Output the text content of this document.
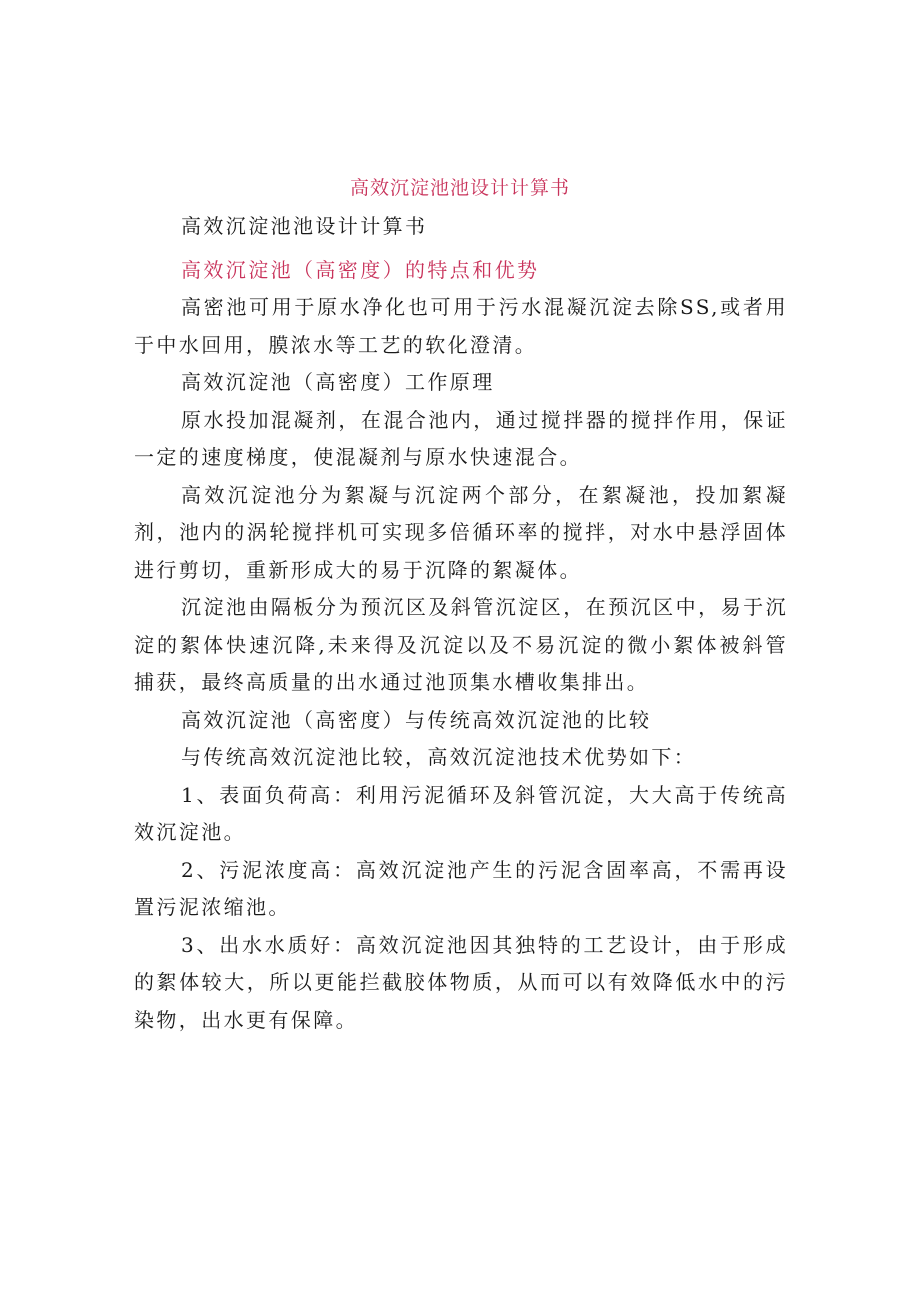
高效沉淀池池设计计算书

高效沉淀池池设计计算书

高效沉淀池（高密度）的特点和优势

高密池可用于原水净化也可用于污水混凝沉淀去除SS,或者用于中水回用，膜浓水等工艺的软化澄清。

高效沉淀池（高密度）工作原理

原水投加混凝剂，在混合池内，通过搅拌器的搅拌作用，保证一定的速度梯度，使混凝剂与原水快速混合。

高效沉淀池分为絮凝与沉淀两个部分，在絮凝池，投加絮凝剂，池内的涡轮搅拌机可实现多倍循环率的搅拌，对水中悬浮固体进行剪切，重新形成大的易于沉降的絮凝体。

沉淀池由隔板分为预沉区及斜管沉淀区，在预沉区中，易于沉淀的絮体快速沉降,未来得及沉淀以及不易沉淀的微小絮体被斜管捕获，最终高质量的出水通过池顶集水槽收集排出。

高效沉淀池（高密度）与传统高效沉淀池的比较

与传统高效沉淀池比较，高效沉淀池技术优势如下：

1、表面负荷高：利用污泥循环及斜管沉淀，大大高于传统高效沉淀池。

2、污泥浓度高：高效沉淀池产生的污泥含固率高，不需再设置污泥浓缩池。

3、出水水质好：高效沉淀池因其独特的工艺设计，由于形成的絮体较大，所以更能拦截胶体物质，从而可以有效降低水中的污染物，出水更有保障。
